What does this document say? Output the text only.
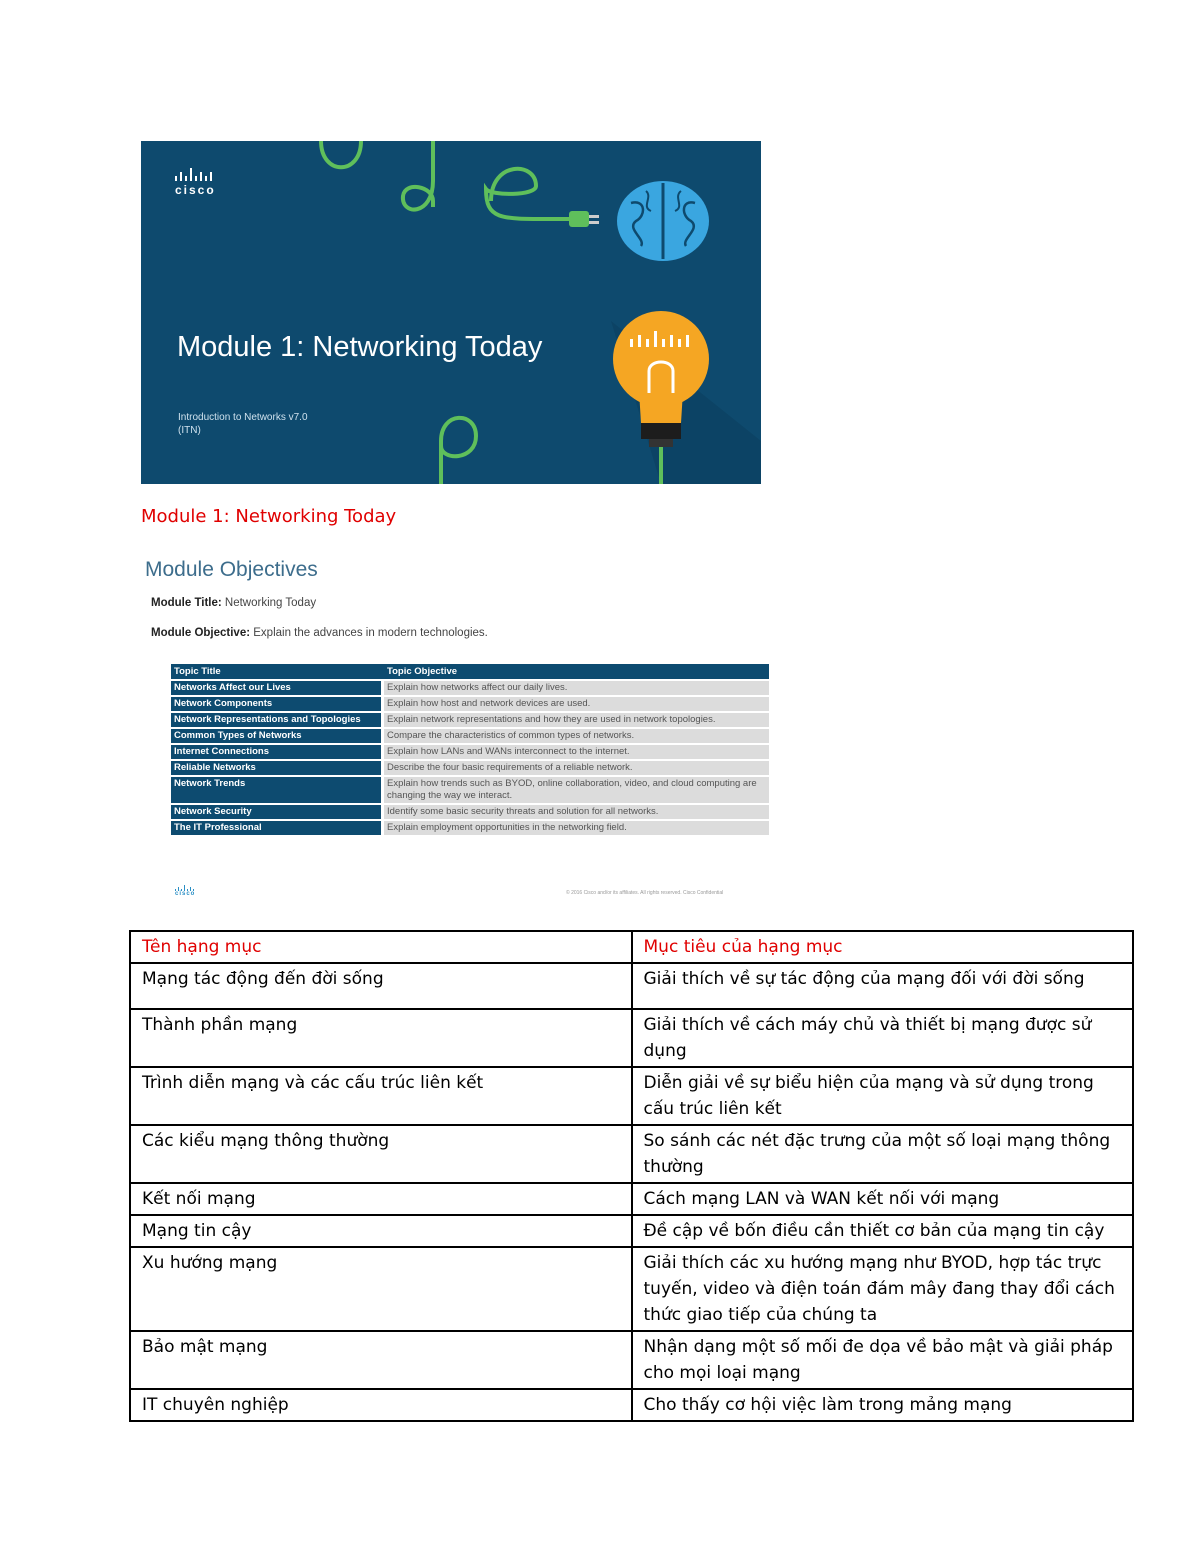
cisco
Module 1: Networking Today
Introduction to Networks v7.0
(ITN)
Module 1: Networking Today
Module Objectives
Module Title: Networking Today
Module Objective: Explain the advances in modern technologies.
Topic Title	Topic Objective
Networks Affect our Lives	Explain how networks affect our daily lives.
Network Components	Explain how host and network devices are used.
Network Representations and Topologies	Explain network representations and how they are used in network topologies.
Common Types of Networks	Compare the characteristics of common types of networks.
Internet Connections	Explain how LANs and WANs interconnect to the internet.
Reliable Networks	Describe the four basic requirements of a reliable network.
Network Trends	Explain how trends such as BYOD, online collaboration, video, and cloud computing are changing the way we interact.
Network Security	Identify some basic security threats and solution for all networks.
The IT Professional	Explain employment opportunities in the networking field.
cisco	© 2016 Cisco and/or its affiliates. All rights reserved. Cisco Confidential
Tên hạng mục	Mục tiêu của hạng mục
Mạng tác động đến đời sống	Giải thích về sự tác động của mạng đối với đời sống
Thành phần mạng	Giải thích về cách máy chủ và thiết bị mạng được sử dụng
Trình diễn mạng và các cấu trúc liên kết	Diễn giải về sự biểu hiện của mạng và sử dụng trong cấu trúc liên kết
Các kiểu mạng thông thường	So sánh các nét đặc trưng của một số loại mạng thông thường
Kết nối mạng	Cách mạng LAN và WAN kết nối với mạng
Mạng tin cậy	Đề cập về bốn điều cần thiết cơ bản của mạng tin cậy
Xu hướng mạng	Giải thích các xu hướng mạng như BYOD, hợp tác trực tuyến, video và điện toán đám mây đang thay đổi cách thức giao tiếp của chúng ta
Bảo mật mạng	Nhận dạng một số mối đe dọa về bảo mật và giải pháp cho mọi loại mạng
IT chuyên nghiệp	Cho thấy cơ hội việc làm trong mảng mạng
